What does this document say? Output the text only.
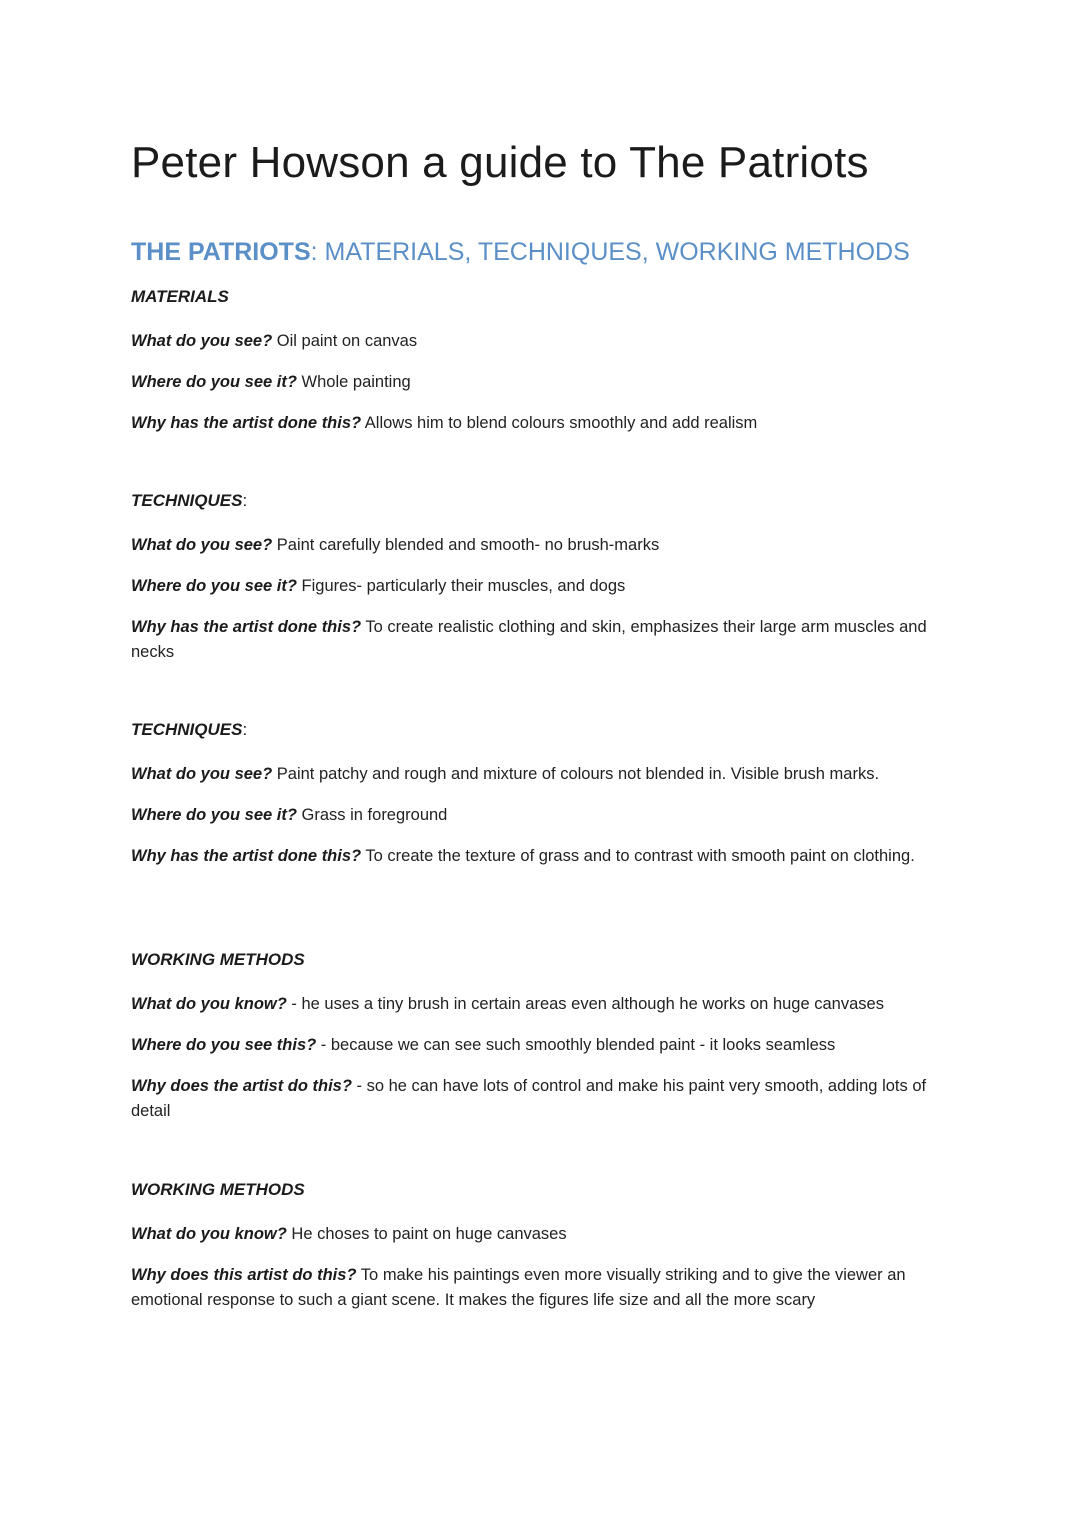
Peter Howson a guide to The Patriots
THE PATRIOTS: MATERIALS, TECHNIQUES, WORKING METHODS
MATERIALS

What do you see? Oil paint on canvas

Where do you see it? Whole painting

Why has the artist done this? Allows him to blend colours smoothly and add realism

TECHNIQUES:

What do you see? Paint carefully blended and smooth- no brush-marks

Where do you see it? Figures- particularly their muscles, and dogs

Why has the artist done this? To create realistic clothing and skin, emphasizes their large arm muscles and necks

TECHNIQUES:

What do you see? Paint patchy and rough and mixture of colours not blended in. Visible brush marks.

Where do you see it? Grass in foreground

Why has the artist done this? To create the texture of grass and to contrast with smooth paint on clothing.

WORKING METHODS

What do you know? - he uses a tiny brush in certain areas even although he works on huge canvases

Where do you see this? - because we can see such smoothly blended paint - it looks seamless

Why does the artist do this? - so he can have lots of control and make his paint very smooth, adding lots of detail

WORKING METHODS

What do you know? He choses to paint on huge canvases

Why does this artist do this? To make his paintings even more visually striking and to give the viewer an emotional response to such a giant scene. It makes the figures life size and all the more scary
